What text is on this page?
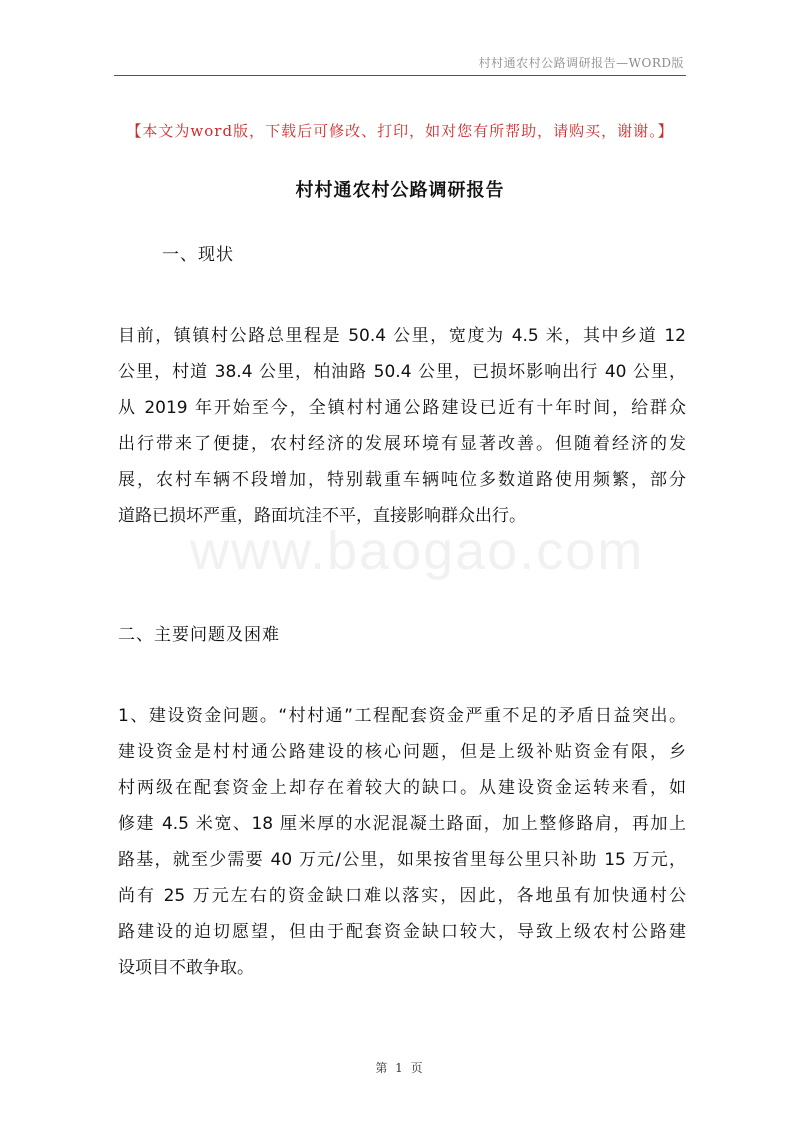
村村通农村公路调研报告—WORD版
【本文为word版，下载后可修改、打印，如对您有所帮助，请购买，谢谢。】
村村通农村公路调研报告
一、现状
目前，镇镇村公路总里程是 50.4 公里，宽度为 4.5 米，其中乡道 12
公里，村道 38.4 公里，柏油路 50.4 公里，已损坏影响出行 40 公里，
从 2019 年开始至今，全镇村村通公路建设已近有十年时间，给群众
出行带来了便捷，农村经济的发展环境有显著改善。但随着经济的发
展，农村车辆不段增加，特别载重车辆吨位多数道路使用频繁，部分
道路已损坏严重，路面坑洼不平，直接影响群众出行。
www.baogao.com
二、主要问题及困难
1、建设资金问题。“村村通”工程配套资金严重不足的矛盾日益突出。
建设资金是村村通公路建设的核心问题，但是上级补贴资金有限，乡
村两级在配套资金上却存在着较大的缺口。从建设资金运转来看，如
修建 4.5 米宽、18 厘米厚的水泥混凝土路面，加上整修路肩，再加上
路基，就至少需要 40 万元/公里，如果按省里每公里只补助 15 万元，
尚有 25 万元左右的资金缺口难以落实，因此，各地虽有加快通村公
路建设的迫切愿望，但由于配套资金缺口较大，导致上级农村公路建
设项目不敢争取。
第 1 页
